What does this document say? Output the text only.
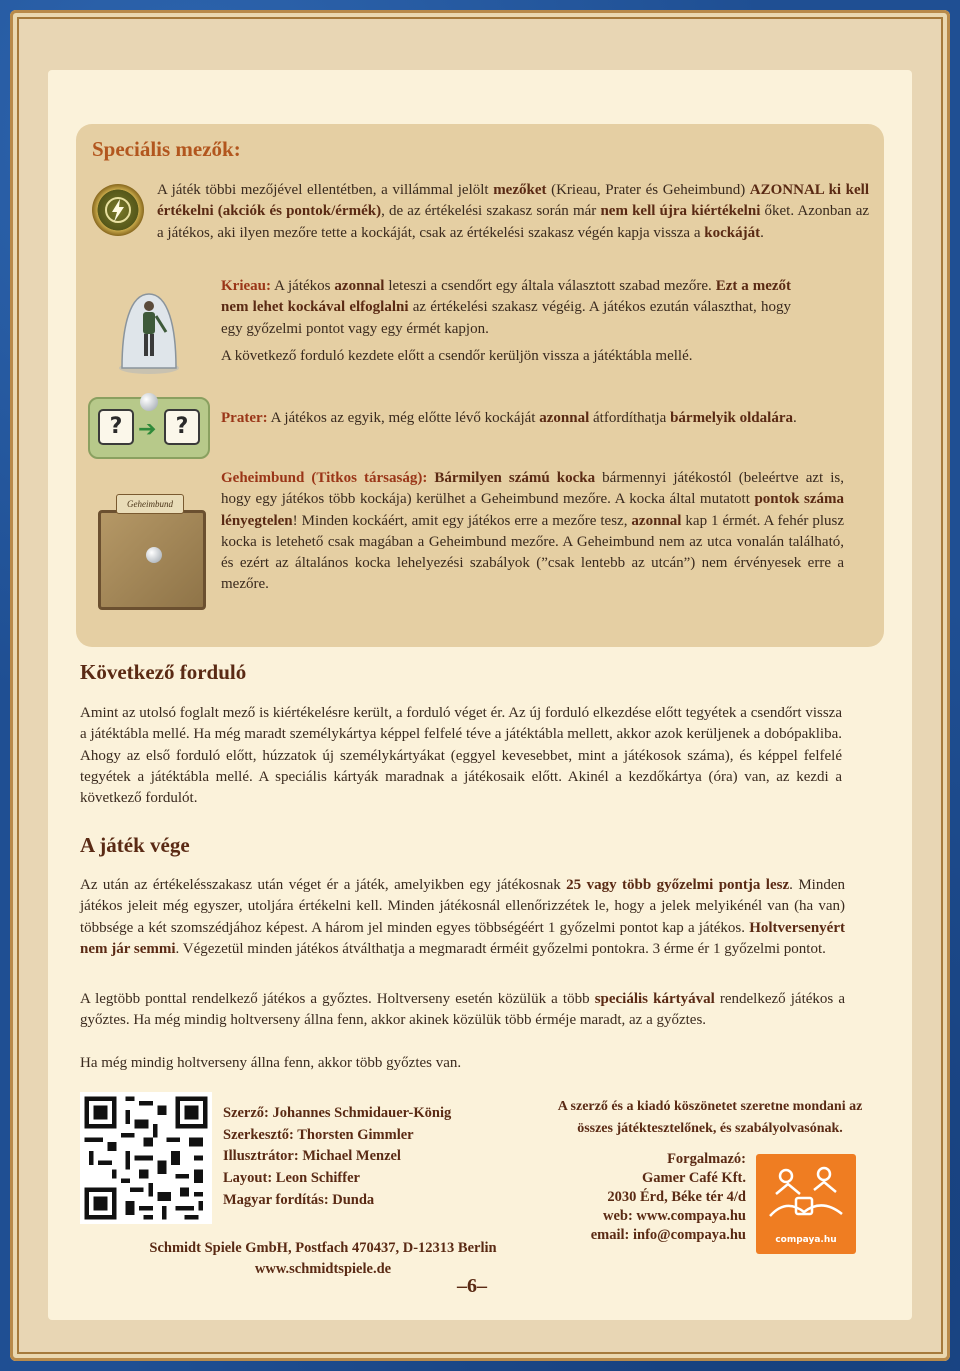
Speciális mezők:

A játék többi mezőjével ellentétben, a villámmal jelölt mezőket (Krieau, Prater és Geheimbund) AZONNAL ki kell értékelni (akciók és pontok/érmék), de az értékelési szakasz során már nem kell újra kiértékelni őket. Azonban az a játékos, aki ilyen mezőre tette a kockáját, csak az értékelési szakasz végén kapja vissza a kockáját.

Krieau: A játékos azonnal leteszi a csendőrt egy általa választott szabad mezőre. Ezt a mezőt nem lehet kockával elfoglalni az értékelési szakasz végéig. A játékos ezután választhat, hogy egy győzelmi pontot vagy egy érmét kapjon.

A következő forduló kezdete előtt a csendőr kerüljön vissza a játéktábla mellé.

? ➔ ?	Prater: A játékos az egyik, még előtte lévő kockáját azonnal átfordíthatja bármelyik oldalára.

Geheimbund

Geheimbund (Titkos társaság): Bármilyen számú kocka bármennyi játékostól (beleértve azt is, hogy egy játékos több kockája) kerülhet a Geheimbund mezőre. A kocka által mutatott pontok száma lényegtelen! Minden kockáért, amit egy játékos erre a mezőre tesz, azonnal kap 1 érmét. A fehér plusz kocka is letehető csak magában a Geheimbund mezőre. A Geheimbund nem az utca vonalán található, és ezért az általános kocka lehelyezési szabályok (”csak lentebb az utcán”) nem érvényesek erre a mezőre.

Következő forduló

Amint az utolsó foglalt mező is kiértékelésre került, a forduló véget ér. Az új forduló elkezdése előtt tegyétek a csendőrt vissza a játéktábla mellé. Ha még maradt személykártya képpel felfelé téve a játéktábla mellett, akkor azok kerüljenek a dobópakliba. Ahogy az első forduló előtt, húzzatok új személykártyákat (eggyel kevesebbet, mint a játékosok száma), és képpel felfelé tegyétek a játéktábla mellé. A speciális kártyák maradnak a játékosaik előtt. Akinél a kezdőkártya (óra) van, az kezdi a következő fordulót.

A játék vége

Az után az értékelésszakasz után véget ér a játék, amelyikben egy játékosnak 25 vagy több győzelmi pontja lesz. Minden játékos jeleit még egyszer, utoljára értékelni kell. Minden játékosnál ellenőrizzétek le, hogy a jelek melyikénél van (ha van) többsége a két szomszédjához képest. A három jel minden egyes többségéért 1 győzelmi pontot kap a játékos. Holtversenyért nem jár semmi. Végezetül minden játékos átválthatja a megmaradt érméit győzelmi pontokra. 3 érme ér 1 győzelmi pontot.

A legtöbb ponttal rendelkező játékos a győztes. Holtverseny esetén közülük a több speciális kártyával rendelkező játékos a győztes. Ha még mindig holtverseny állna fenn, akkor akinek közülük több érméje maradt, az a győztes.

Ha még mindig holtverseny állna fenn, akkor több győztes van.

Szerző: Johannes Schmidauer-König
Szerkesztő: Thorsten Gimmler
Illusztrátor: Michael Menzel
Layout: Leon Schiffer
Magyar fordítás: Dunda
A szerző és a kiadó köszönetet szeretne mondani az összes játéktesztelőnek, és szabályolvasónak.
Forgalmazó:
Gamer Café Kft.
2030 Érd, Béke tér 4/d
web: www.compaya.hu
email: info@compaya.hu	compaya.hu
Schmidt Spiele GmbH, Postfach 470437, D-12313 Berlin
www.schmidtspiele.de
–6–
